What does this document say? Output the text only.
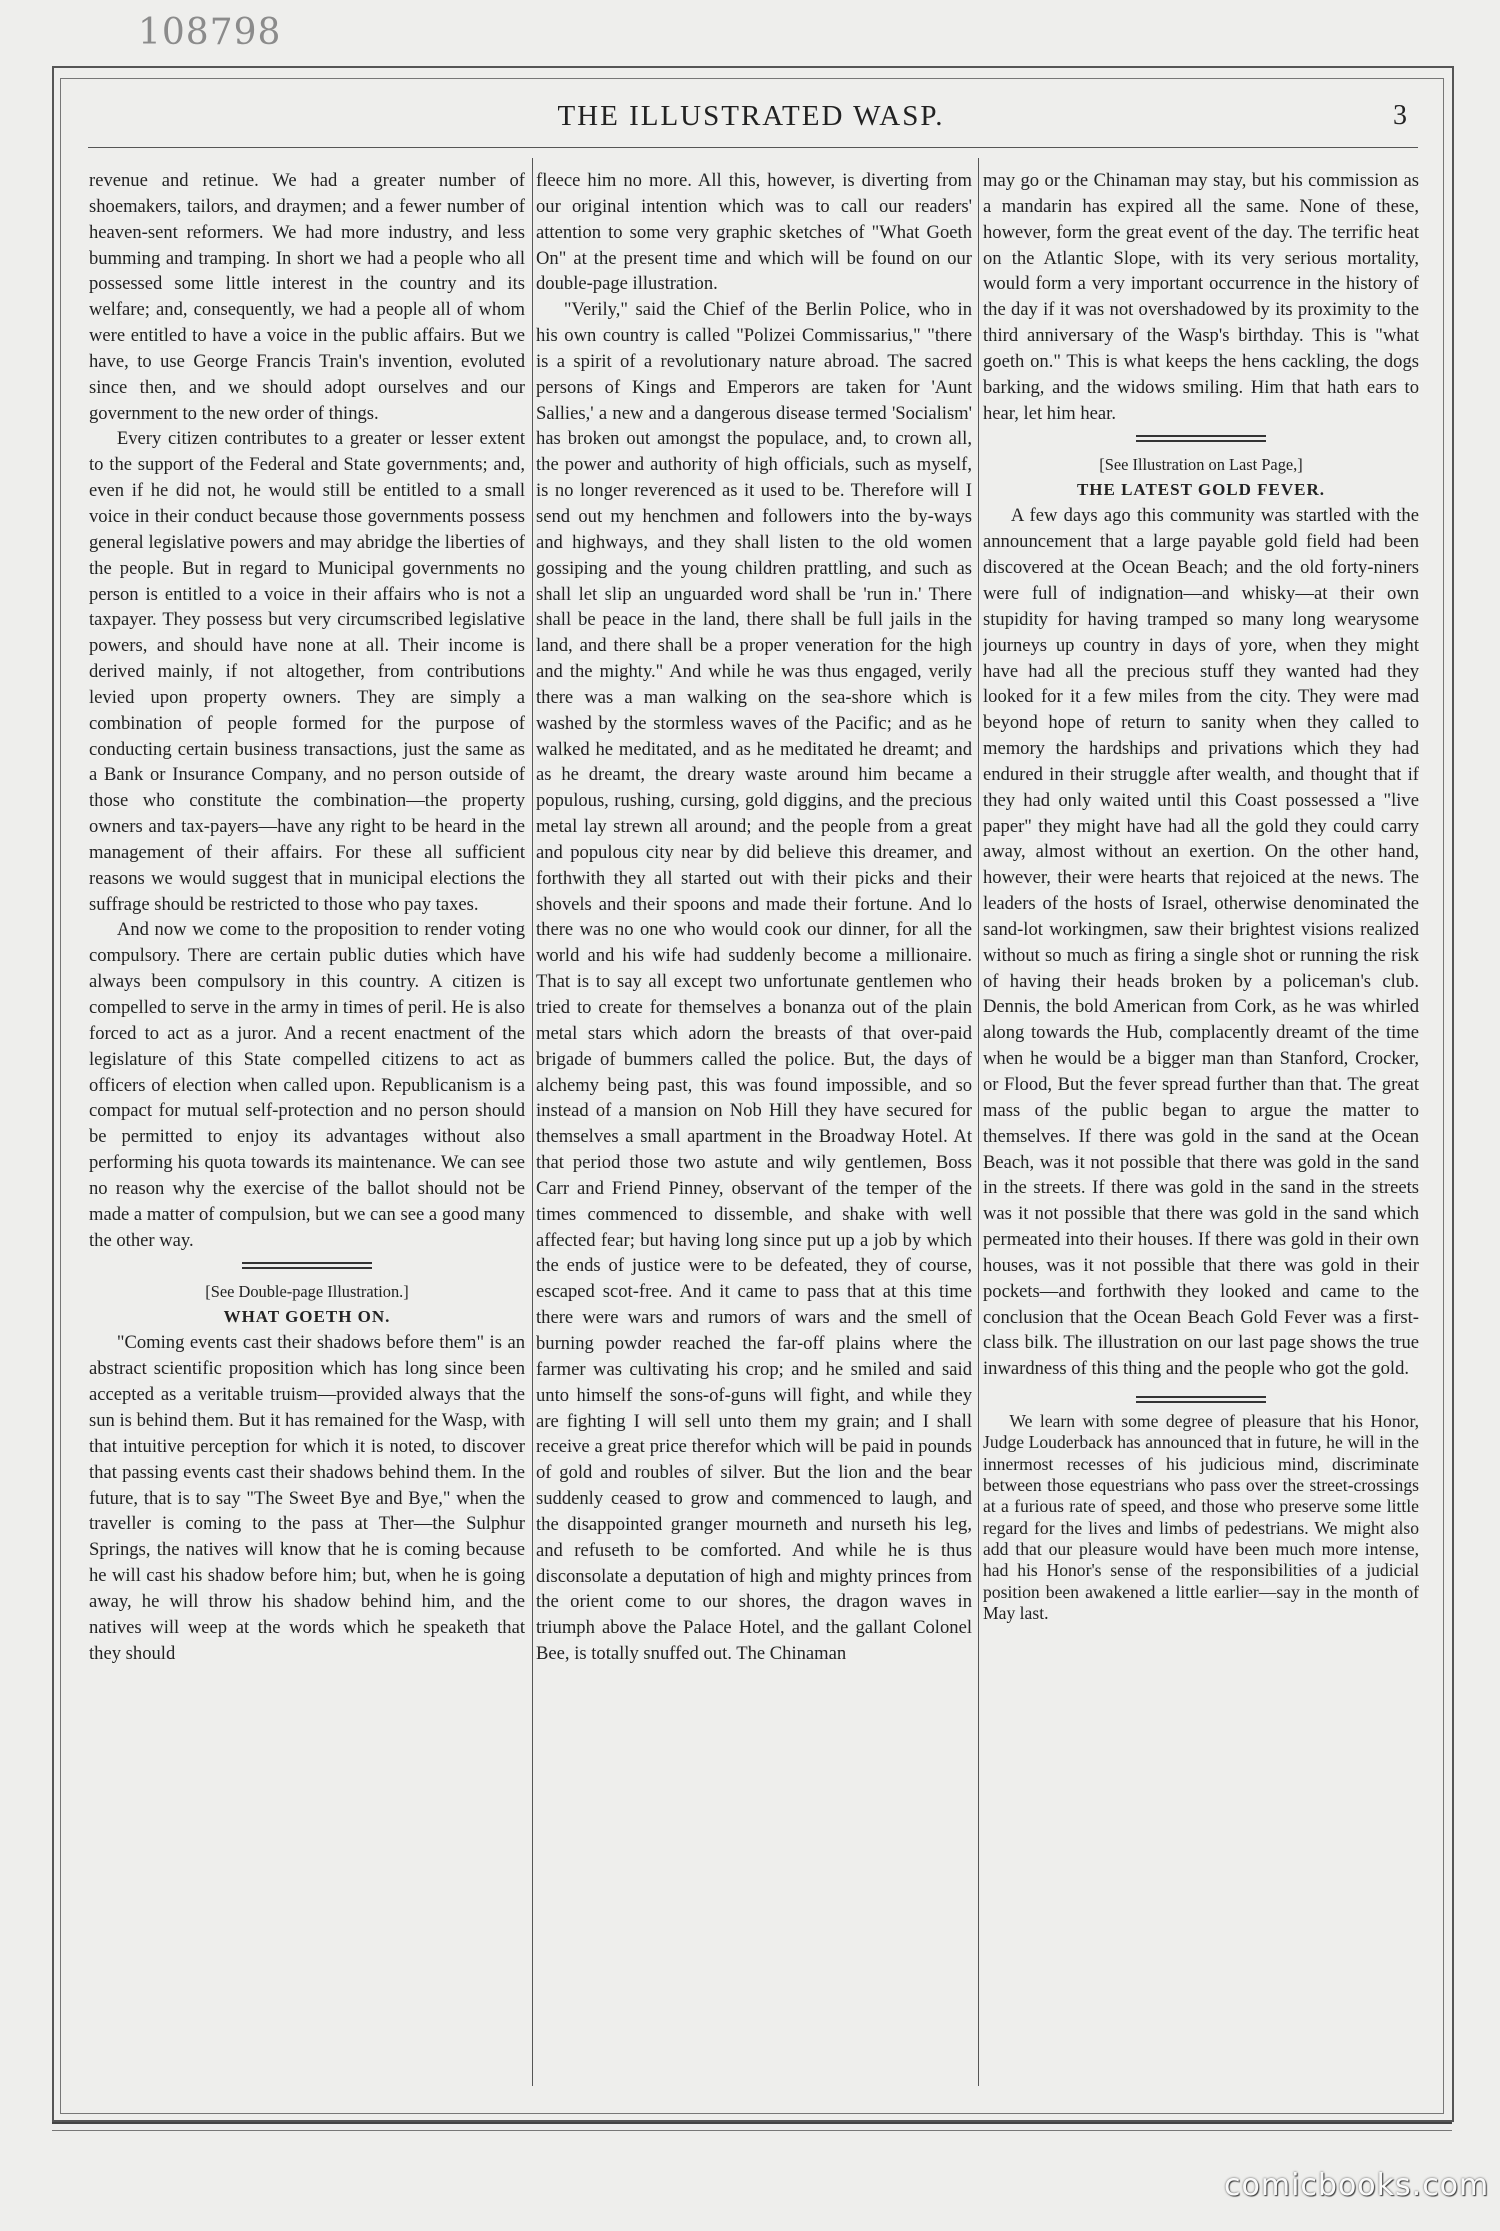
108798
THE ILLUSTRATED WASP.	3

revenue and retinue. We had a greater number of shoemakers, tailors, and draymen; and a fewer number of heaven-sent reformers. We had more industry, and less bumming and tramping. In short we had a people who all possessed some little interest in the country and its welfare; and, consequently, we had a people all of whom were entitled to have a voice in the public affairs. But we have, to use George Francis Train's invention, evoluted since then, and we should adopt ourselves and our government to the new order of things.

Every citizen contributes to a greater or lesser extent to the support of the Federal and State governments; and, even if he did not, he would still be entitled to a small voice in their conduct because those governments possess general legislative powers and may abridge the liberties of the people. But in regard to Municipal governments no person is entitled to a voice in their affairs who is not a taxpayer. They possess but very circumscribed legislative powers, and should have none at all. Their income is derived mainly, if not altogether, from contributions levied upon property owners. They are simply a combination of people formed for the purpose of conducting certain business transactions, just the same as a Bank or Insurance Company, and no person outside of those who constitute the combination—the property owners and tax-payers—have any right to be heard in the management of their affairs. For these all sufficient reasons we would suggest that in municipal elections the suffrage should be restricted to those who pay taxes.

And now we come to the proposition to render voting compulsory. There are certain public duties which have always been compulsory in this country. A citizen is compelled to serve in the army in times of peril. He is also forced to act as a juror. And a recent enactment of the legislature of this State compelled citizens to act as officers of election when called upon. Republicanism is a compact for mutual self-protection and no person should be permitted to enjoy its advantages without also performing his quota towards its maintenance. We can see no reason why the exercise of the ballot should not be made a matter of compulsion, but we can see a good many the other way.

[See Double-page Illustration.]
WHAT GOETH ON.

"Coming events cast their shadows before them" is an abstract scientific proposition which has long since been accepted as a veritable truism—provided always that the sun is behind them. But it has remained for the Wasp, with that intuitive perception for which it is noted, to discover that passing events cast their shadows behind them. In the future, that is to say "The Sweet Bye and Bye," when the traveller is coming to the pass at Ther—the Sulphur Springs, the natives will know that he is coming because he will cast his shadow before him; but, when he is going away, he will throw his shadow behind him, and the natives will weep at the words which he speaketh that they should

fleece him no more. All this, however, is diverting from our original intention which was to call our readers' attention to some very graphic sketches of "What Goeth On" at the present time and which will be found on our double-page illustration.

"Verily," said the Chief of the Berlin Police, who in his own country is called "Polizei Commissarius," "there is a spirit of a revolutionary nature abroad. The sacred persons of Kings and Emperors are taken for 'Aunt Sallies,' a new and a dangerous disease termed 'Socialism' has broken out amongst the populace, and, to crown all, the power and authority of high officials, such as myself, is no longer reverenced as it used to be. Therefore will I send out my henchmen and followers into the by-ways and highways, and they shall listen to the old women gossiping and the young children prattling, and such as shall let slip an unguarded word shall be 'run in.' There shall be peace in the land, there shall be full jails in the land, and there shall be a proper veneration for the high and the mighty." And while he was thus engaged, verily there was a man walking on the sea-shore which is washed by the stormless waves of the Pacific; and as he walked he meditated, and as he meditated he dreamt; and as he dreamt, the dreary waste around him became a populous, rushing, cursing, gold diggins, and the precious metal lay strewn all around; and the people from a great and populous city near by did believe this dreamer, and forthwith they all started out with their picks and their shovels and their spoons and made their fortune. And lo there was no one who would cook our dinner, for all the world and his wife had suddenly become a millionaire. That is to say all except two unfortunate gentlemen who tried to create for themselves a bonanza out of the plain metal stars which adorn the breasts of that over-paid brigade of bummers called the police. But, the days of alchemy being past, this was found impossible, and so instead of a mansion on Nob Hill they have secured for themselves a small apartment in the Broadway Hotel. At that period those two astute and wily gentlemen, Boss Carr and Friend Pinney, observant of the temper of the times commenced to dissemble, and shake with well affected fear; but having long since put up a job by which the ends of justice were to be defeated, they of course, escaped scot-free. And it came to pass that at this time there were wars and rumors of wars and the smell of burning powder reached the far-off plains where the farmer was cultivating his crop; and he smiled and said unto himself the sons-of-guns will fight, and while they are fighting I will sell unto them my grain; and I shall receive a great price therefor which will be paid in pounds of gold and roubles of silver. But the lion and the bear suddenly ceased to grow and commenced to laugh, and the disappointed granger mourneth and nurseth his leg, and refuseth to be comforted. And while he is thus disconsolate a deputation of high and mighty princes from the orient come to our shores, the dragon waves in triumph above the Palace Hotel, and the gallant Colonel Bee, is totally snuffed out. The Chinaman

may go or the Chinaman may stay, but his commission as a mandarin has expired all the same. None of these, however, form the great event of the day. The terrific heat on the Atlantic Slope, with its very serious mortality, would form a very important occurrence in the history of the day if it was not overshadowed by its proximity to the third anniversary of the Wasp's birthday. This is "what goeth on." This is what keeps the hens cackling, the dogs barking, and the widows smiling. Him that hath ears to hear, let him hear.

[See Illustration on Last Page,]
THE LATEST GOLD FEVER.

A few days ago this community was startled with the announcement that a large payable gold field had been discovered at the Ocean Beach; and the old forty-niners were full of indignation—and whisky—at their own stupidity for having tramped so many long wearysome journeys up country in days of yore, when they might have had all the precious stuff they wanted had they looked for it a few miles from the city. They were mad beyond hope of return to sanity when they called to memory the hardships and privations which they had endured in their struggle after wealth, and thought that if they had only waited until this Coast possessed a "live paper" they might have had all the gold they could carry away, almost without an exertion. On the other hand, however, their were hearts that rejoiced at the news. The leaders of the hosts of Israel, otherwise denominated the sand-lot workingmen, saw their brightest visions realized without so much as firing a single shot or running the risk of having their heads broken by a policeman's club. Dennis, the bold American from Cork, as he was whirled along towards the Hub, complacently dreamt of the time when he would be a bigger man than Stanford, Crocker, or Flood, But the fever spread further than that. The great mass of the public began to argue the matter to themselves. If there was gold in the sand at the Ocean Beach, was it not possible that there was gold in the sand in the streets. If there was gold in the sand in the streets was it not possible that there was gold in the sand which permeated into their houses. If there was gold in their own houses, was it not possible that there was gold in their pockets—and forthwith they looked and came to the conclusion that the Ocean Beach Gold Fever was a first-class bilk. The illustration on our last page shows the true inwardness of this thing and the people who got the gold.

We learn with some degree of pleasure that his Honor, Judge Louderback has announced that in future, he will in the innermost recesses of his judicious mind, discriminate between those equestrians who pass over the street-crossings at a furious rate of speed, and those who preserve some little regard for the lives and limbs of pedestrians. We might also add that our pleasure would have been much more intense, had his Honor's sense of the responsibilities of a judicial position been awakened a little earlier—say in the month of May last.

comicbooks.com
